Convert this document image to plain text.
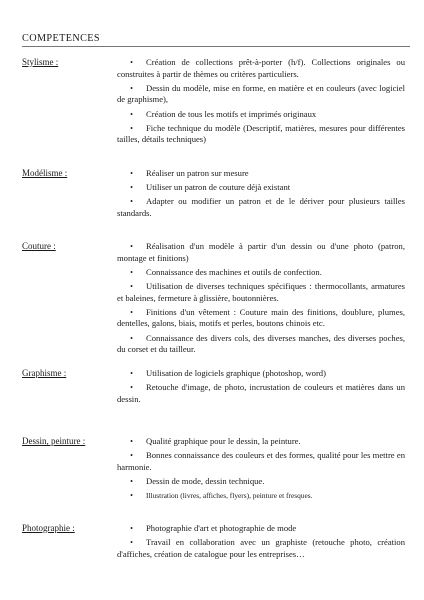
COMPETENCES
Stylisme :	• Création de collections prêt-à-porter (h/f). Collections originales ou construites à partir de thèmes ou critères particuliers.
• Dessin du modèle, mise en forme, en matière et en couleurs (avec logiciel de graphisme),
• Création de tous les motifs et imprimés originaux
• Fiche technique du modèle (Descriptif, matières, mesures pour différentes tailles, détails techniques)
Modélisme :	• Réaliser un patron sur mesure
• Utiliser un patron de couture déjà existant
• Adapter ou modifier un patron et de le dériver pour plusieurs tailles standards.
Couture :	• Réalisation d'un modèle à partir d'un dessin ou d'une photo (patron, montage et finitions)
• Connaissance des machines et outils de confection.
• Utilisation de diverses techniques spécifiques : thermocollants, armatures et baleines, fermeture à glissière, boutonnières.
• Finitions d'un vêtement : Couture main des finitions, doublure, plumes, dentelles, galons, biais, motifs et perles, boutons chinois etc.
• Connaissance des divers cols, des diverses manches, des diverses poches, du corset et du tailleur.
Graphisme :	• Utilisation de logiciels graphique (photoshop, word)
• Retouche d'image, de photo, incrustation de couleurs et matières dans un dessin.
Dessin, peinture :	• Qualité graphique pour le dessin, la peinture.
• Bonnes connaissance des couleurs et des formes, qualité pour les mettre en harmonie.
• Dessin de mode, dessin technique.
• Illustration (livres, affiches, flyers), peinture et fresques.
Photographie :	• Photographie d'art et photographie de mode
• Travail en collaboration avec un graphiste (retouche photo, création d'affiches, création de catalogue pour les entreprises…
